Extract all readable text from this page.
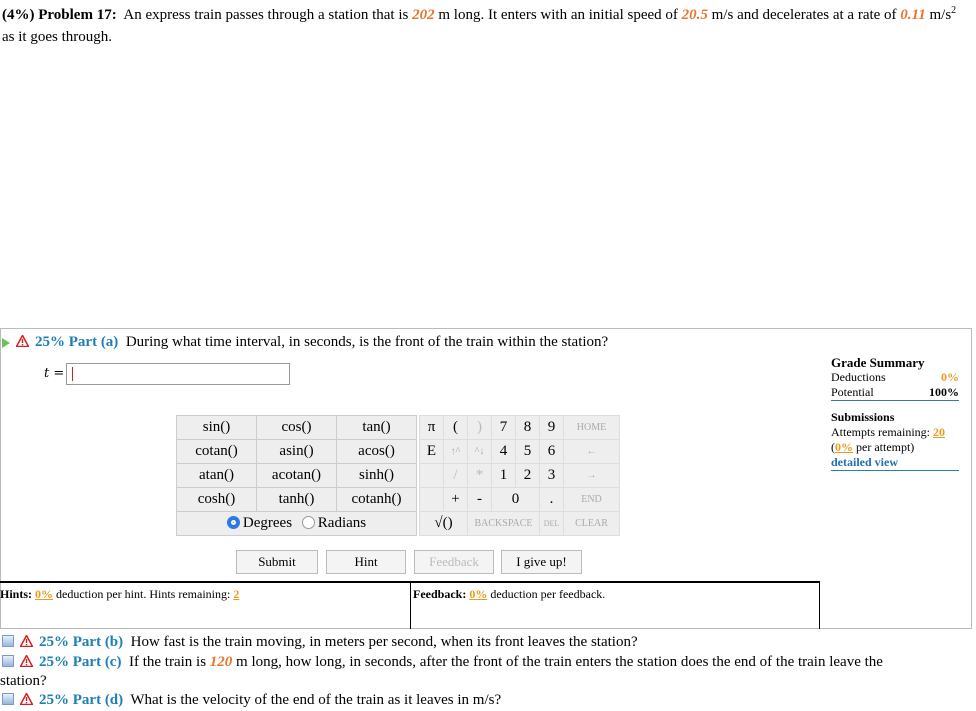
(4%) Problem 17: An express train passes through a station that is 202 m long. It enters with an initial speed of 20.5 m/s and decelerates at a rate of 0.11 $m/s^2$ as it goes through.
25% Part (a) During what time interval, in seconds, is the front of the train within the station?
t =
sin()	cos()	tan()
cotan()	asin()	acos()
atan()	acotan()	sinh()
cosh()	tanh()	cotanh()
Degrees Radians		
π	(	)	7	8	9	HOME
E	↑^	^↓	4	5	6	←
	/	*	1	2	3	→
	+	-	0		.	END
√()		BACKSPACE			DEL	CLEAR
Submit	Hint	Feedback	I give up!
Hints: 0% deduction per hint. Hints remaining: 2	Feedback: 0% deduction per feedback.
Grade Summary
Deductions	0%
Potential	100%
Submissions
Attempts remaining: 20
(0% per attempt)
detailed view
25% Part (b) How fast is the train moving, in meters per second, when its front leaves the station?
25% Part (c) If the train is 120 m long, how long, in seconds, after the front of the train enters the station does the end of the train leave the
station?
25% Part (d) What is the velocity of the end of the train as it leaves in m/s?
